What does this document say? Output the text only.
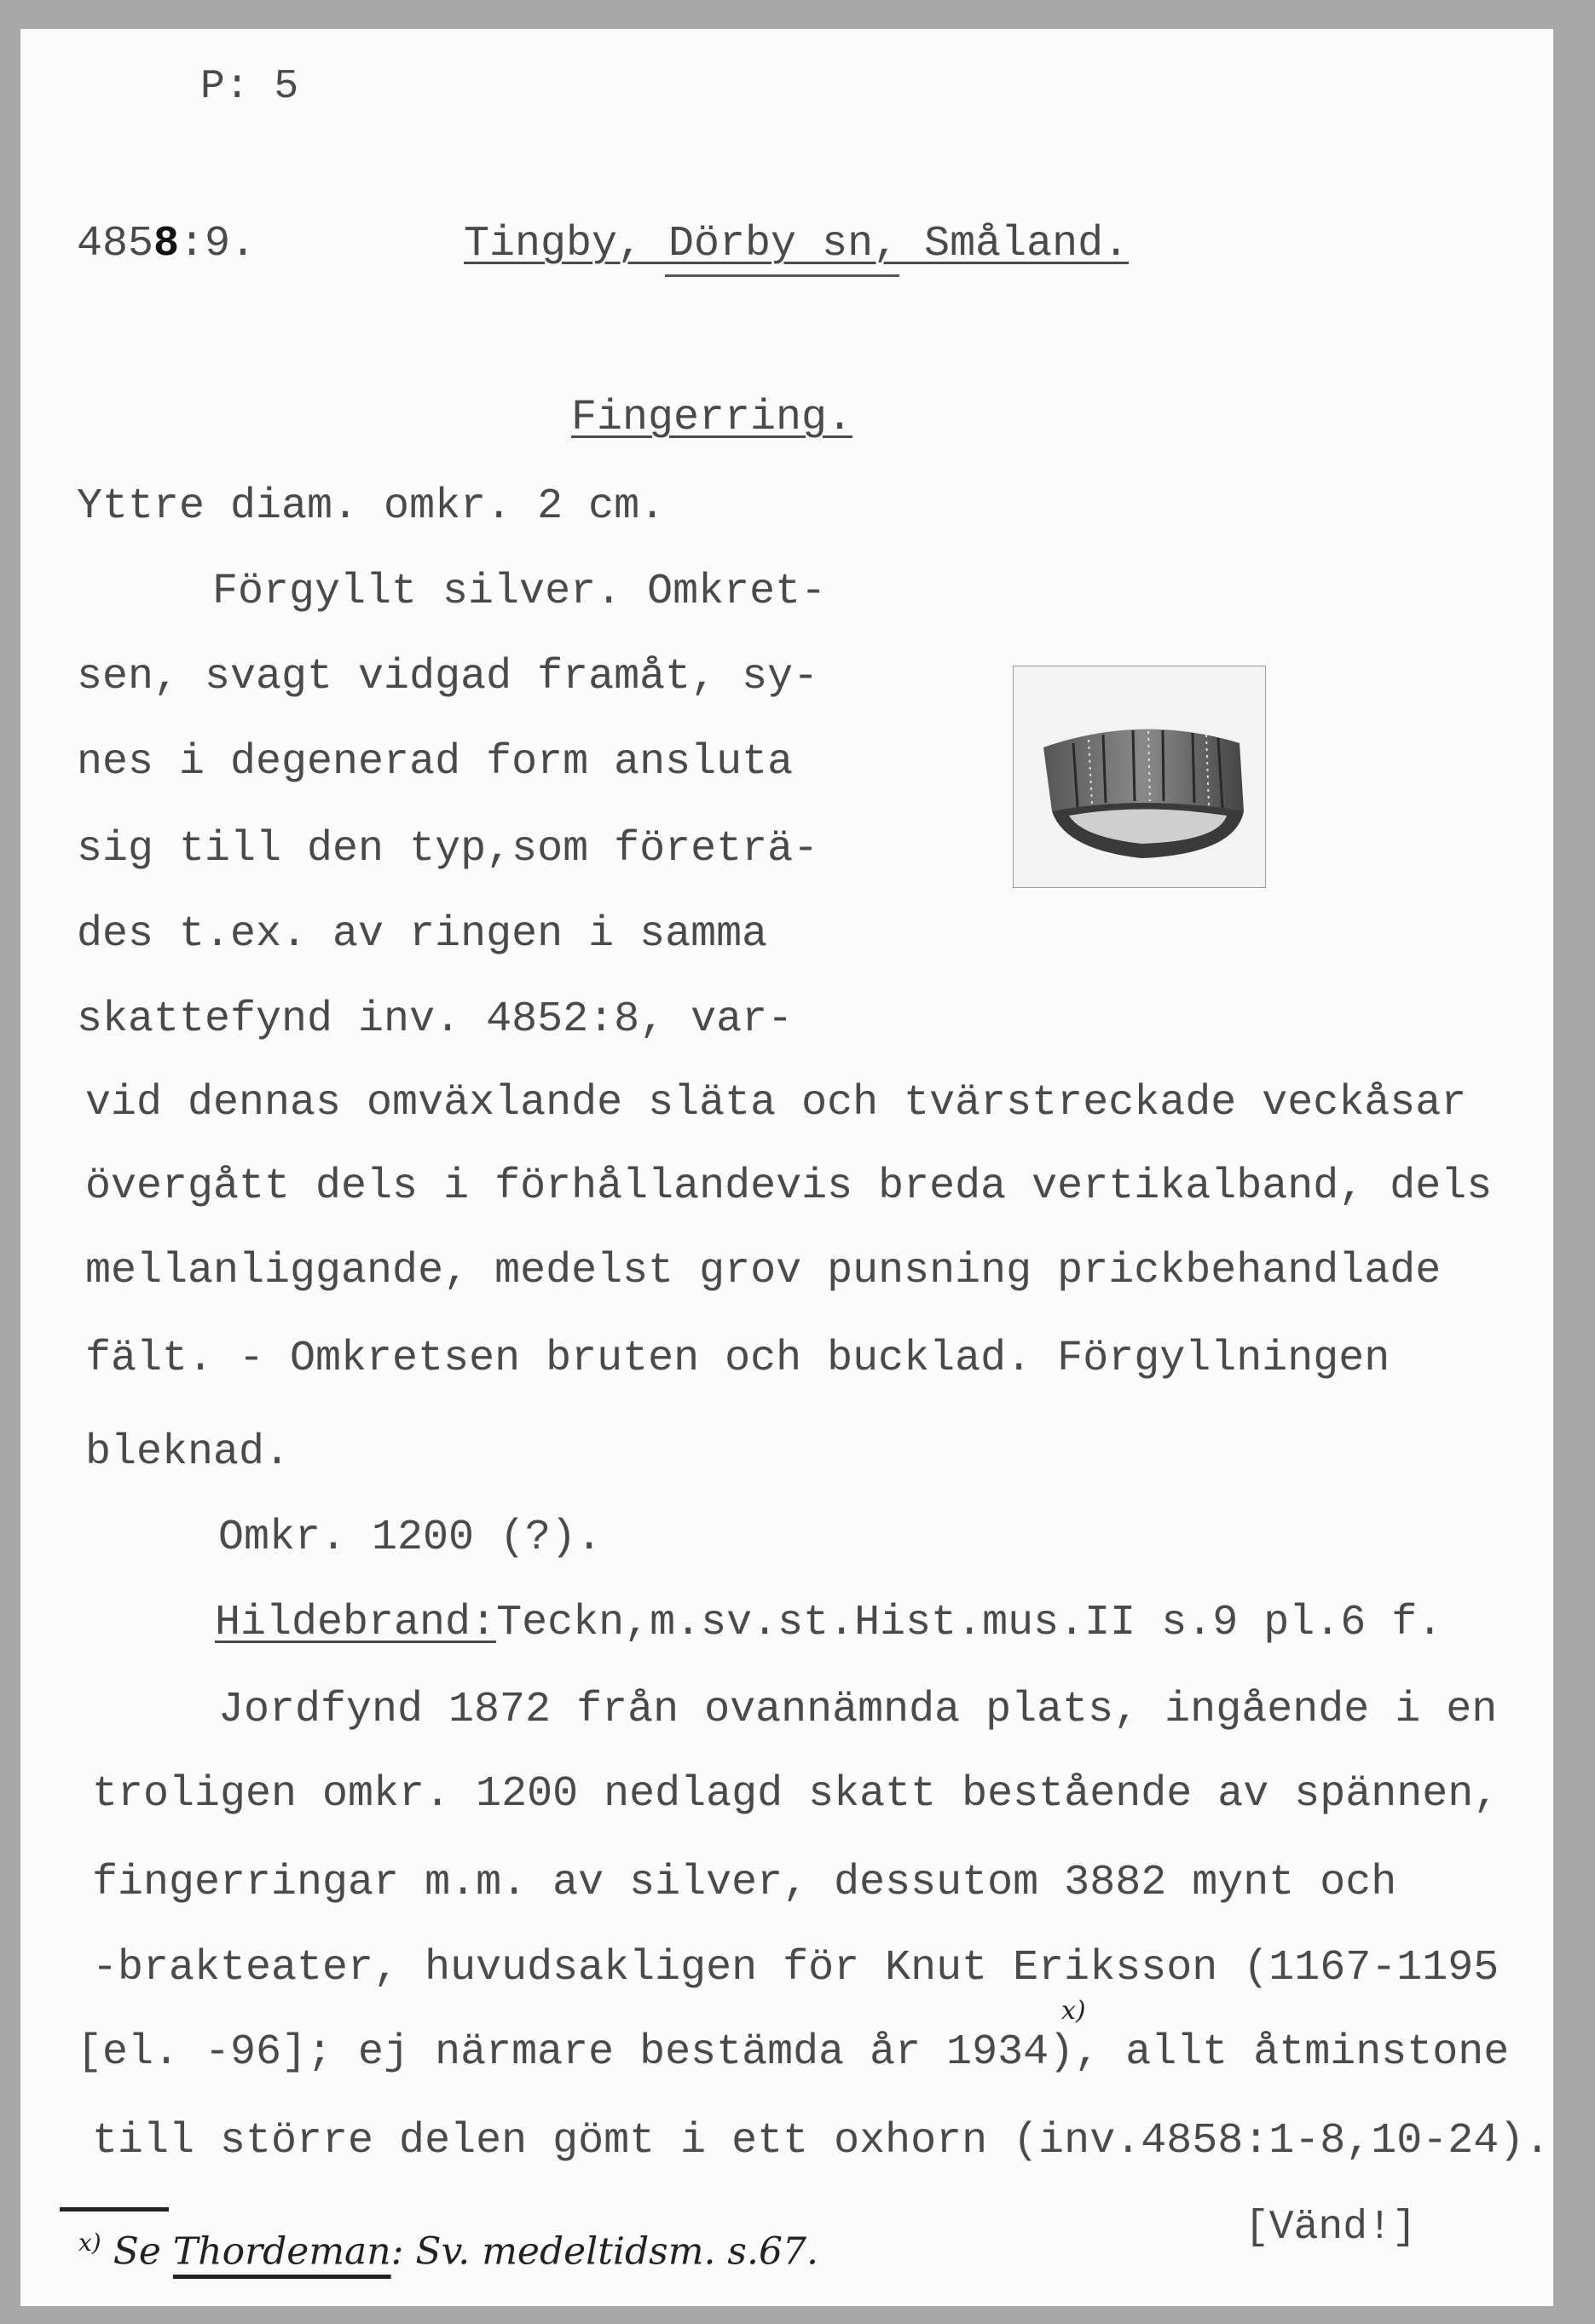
P: 5
4858:9.	Tingby, Dörby sn, Småland.
Fingerring.
Yttre diam. omkr. 2 cm.
Förgyllt silver. Omkret-
sen, svagt vidgad framåt, sy-
nes i degenerad form ansluta
sig till den typ,som företrä-
des t.ex. av ringen i samma
skattefynd inv. 4852:8, var-
vid dennas omväxlande släta och tvärstreckade veckåsar
övergått dels i förhållandevis breda vertikalband, dels
mellanliggande, medelst grov punsning prickbehandlade
fält. - Omkretsen bruten och bucklad. Förgyllningen
bleknad.
Omkr. 1200 (?).
Hildebrand:Teckn,m.sv.st.Hist.mus.II s.9 pl.6 f.
Jordfynd 1872 från ovannämnda plats, ingående i en
troligen omkr. 1200 nedlagd skatt bestående av spännen,
fingerringar m.m. av silver, dessutom 3882 mynt och
-brakteater, huvudsakligen för Knut Eriksson (1167-1195
[el. -96]; ej närmare bestämda år 1934), allt åtminstone
x)
till större delen gömt i ett oxhorn (inv.4858:1-8,10-24).
$^{x)}$ Se Thordeman: Sv. medeltidsm. s.67.
[Vänd!]
